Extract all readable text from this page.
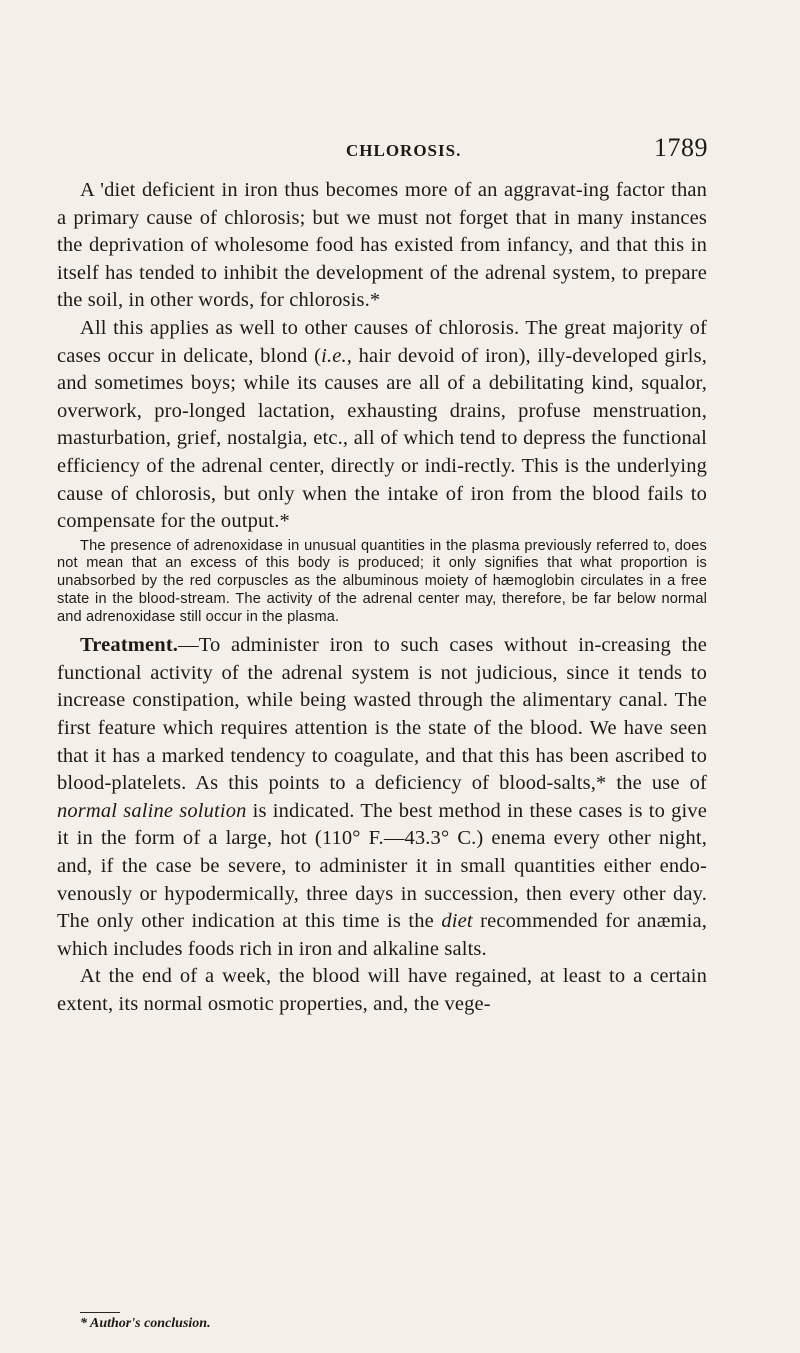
CHLOROSIS.	1789

A 'diet deficient in iron thus becomes more of an aggravat-ing factor than a primary cause of chlorosis; but we must not forget that in many instances the deprivation of wholesome food has existed from infancy, and that this in itself has tended to inhibit the development of the adrenal system, to prepare the soil, in other words, for chlorosis.*

All this applies as well to other causes of chlorosis. The great majority of cases occur in delicate, blond (i.e., hair devoid of iron), illy-developed girls, and sometimes boys; while its causes are all of a debilitating kind, squalor, overwork, pro-longed lactation, exhausting drains, profuse menstruation, masturbation, grief, nostalgia, etc., all of which tend to depress the functional efficiency of the adrenal center, directly or indi-rectly. This is the underlying cause of chlorosis, but only when the intake of iron from the blood fails to compensate for the output.*

The presence of adrenoxidase in unusual quantities in the plasma previously referred to, does not mean that an excess of this body is produced; it only signifies that what proportion is unabsorbed by the red corpuscles as the albuminous moiety of hæmoglobin circulates in a free state in the blood-stream. The activity of the adrenal center may, therefore, be far below normal and adrenoxidase still occur in the plasma.

Treatment.—To administer iron to such cases without in-creasing the functional activity of the adrenal system is not judicious, since it tends to increase constipation, while being wasted through the alimentary canal. The first feature which requires attention is the state of the blood. We have seen that it has a marked tendency to coagulate, and that this has been ascribed to blood-platelets. As this points to a deficiency of blood-salts,* the use of normal saline solution is indicated. The best method in these cases is to give it in the form of a large, hot (110° F.—43.3° C.) enema every other night, and, if the case be severe, to administer it in small quantities either endo-venously or hypodermically, three days in succession, then every other day. The only other indication at this time is the diet recommended for anæmia, which includes foods rich in iron and alkaline salts.

At the end of a week, the blood will have regained, at least to a certain extent, its normal osmotic properties, and, the vege-

* Author's conclusion.
